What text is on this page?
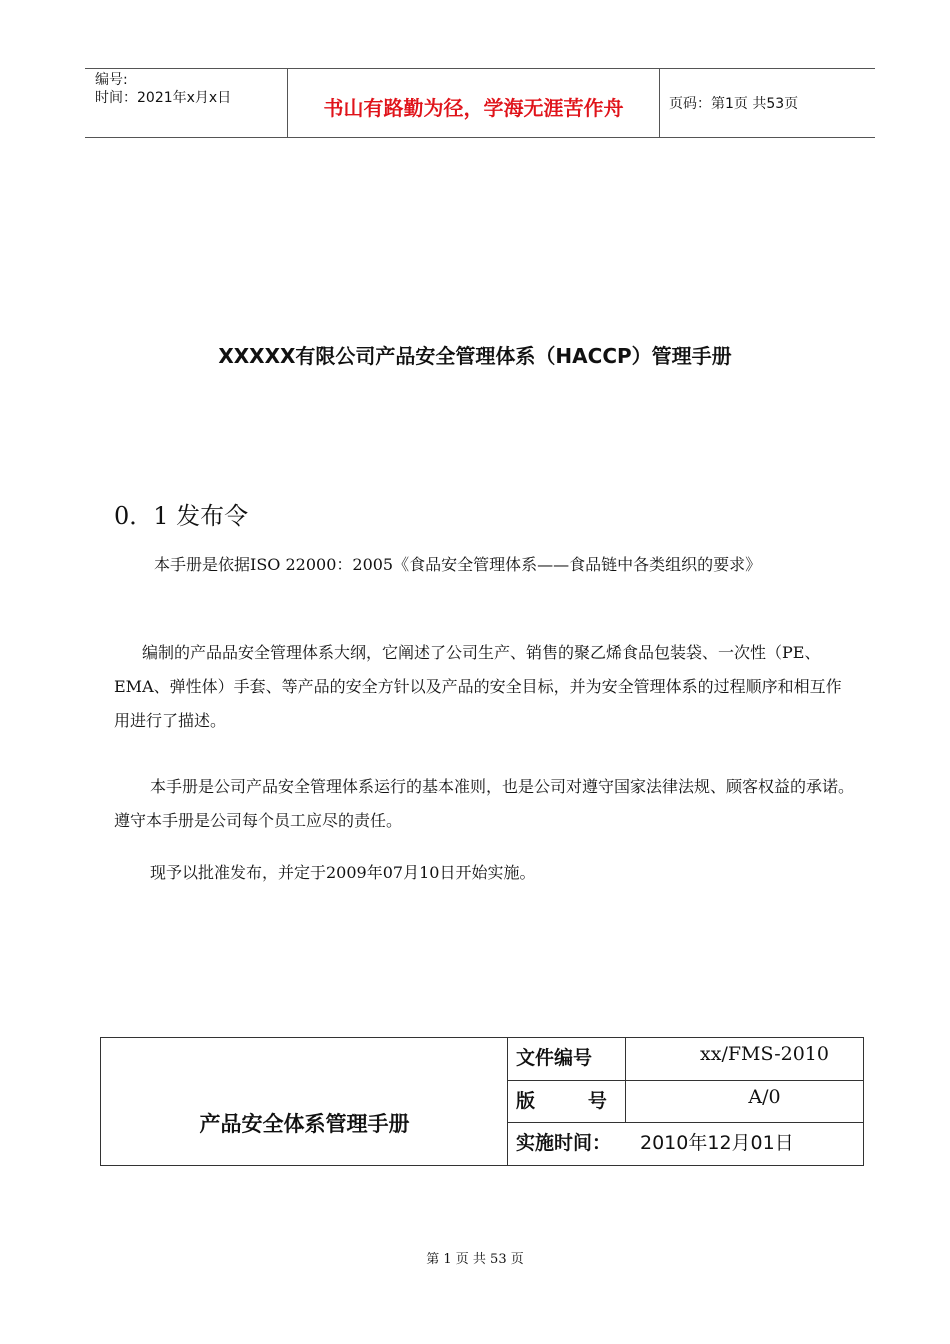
编号:
时间：2021年x月x日	书山有路勤为径，学海无涯苦作舟	页码：第1页 共53页
XXXXX有限公司产品安全管理体系（HACCP）管理手册
0．1 发布令
本手册是依据ISO 22000：2005《食品安全管理体系——食品链中各类组织的要求》
编制的产品品安全管理体系大纲，它阐述了公司生产、销售的聚乙烯食品包装袋、一次性（PE、EMA、弹性体）手套、等产品的安全方针以及产品的安全目标，并为安全管理体系的过程顺序和相互作用进行了描述。
本手册是公司产品安全管理体系运行的基本准则，也是公司对遵守国家法律法规、顾客权益的承诺。遵守本手册是公司每个员工应尽的责任。
现予以批准发布，并定于2009年07月10日开始实施。
产品安全体系管理手册
文件编号	xx/FMS-2010
版        号	A/0
实施时间：	2010年12月01日
第 1 页 共 53 页
